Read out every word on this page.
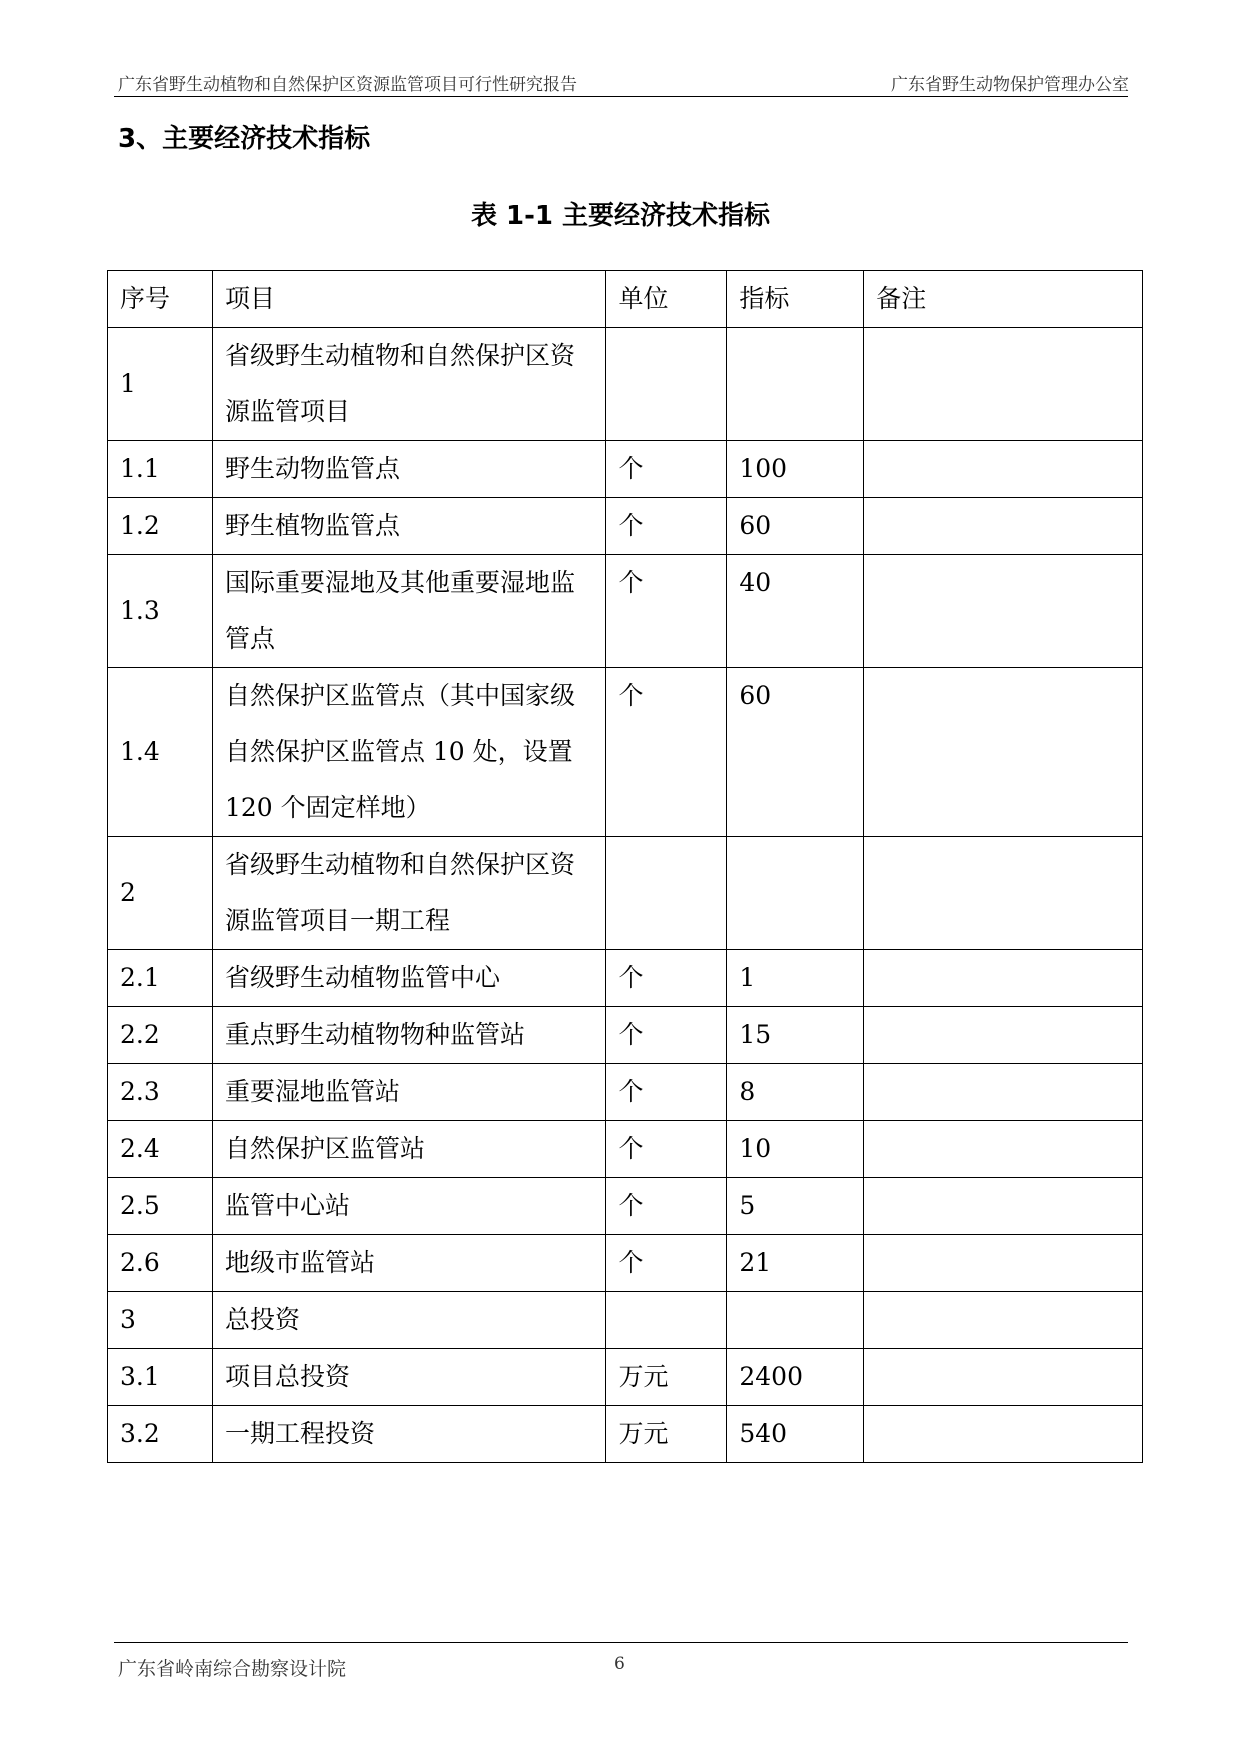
广东省野生动植物和自然保护区资源监管项目可行性研究报告	广东省野生动物保护管理办公室
3、主要经济技术指标
表 1-1 主要经济技术指标
序号	项目	单位	指标	备注
1	省级野生动植物和自然保护区资源监管项目			
1.1	野生动物监管点	个	100	
1.2	野生植物监管点	个	60	
1.3	国际重要湿地及其他重要湿地监管点	个	40	
1.4	自然保护区监管点（其中国家级自然保护区监管点 10 处，设置 120 个固定样地）	个	60	
2	省级野生动植物和自然保护区资源监管项目一期工程			
2.1	省级野生动植物监管中心	个	1	
2.2	重点野生动植物物种监管站	个	15	
2.3	重要湿地监管站	个	8	
2.4	自然保护区监管站	个	10	
2.5	监管中心站	个	5	
2.6	地级市监管站	个	21	
3	总投资			
3.1	项目总投资	万元	2400	
3.2	一期工程投资	万元	540	
广东省岭南综合勘察设计院	6
